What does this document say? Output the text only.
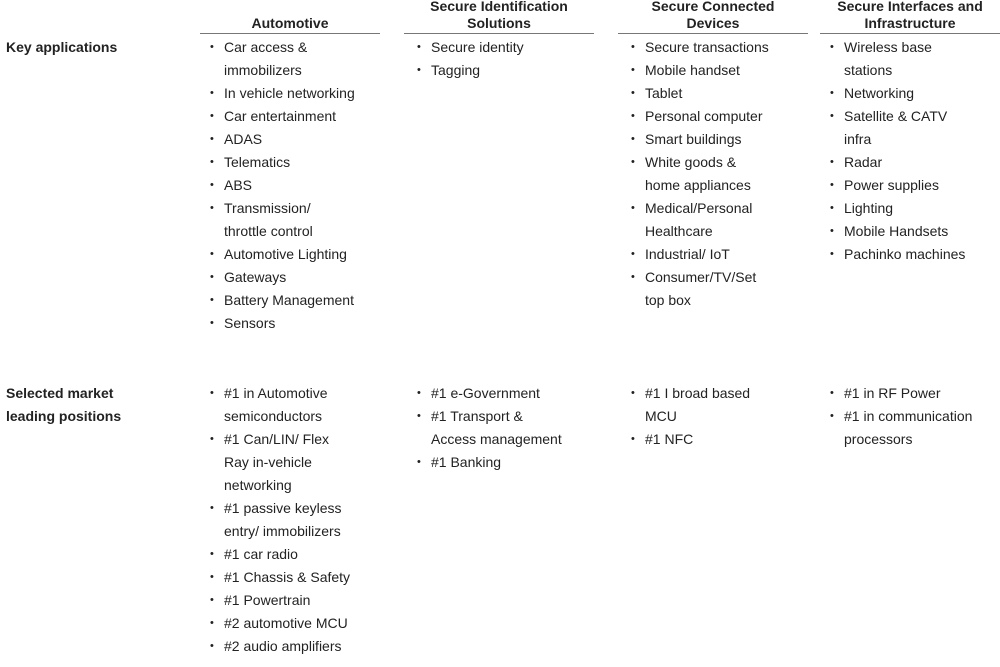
Automotive
Secure Identification
Solutions
Secure Connected
Devices
Secure Interfaces and
Infrastructure
Key applications
•	Car access &
immobilizers
• In vehicle networking
• Car entertainment
• ADAS
• Telematics
• ABS
• Transmission/
throttle control
• Automotive Lighting
• Gateways
• Battery Management
• Sensors
• Secure identity
• Tagging
• Secure transactions
• Mobile handset
• Tablet
• Personal computer
• Smart buildings
• White goods &
home appliances
• Medical/Personal
Healthcare
• Industrial/ IoT
• Consumer/TV/Set
top box
• Wireless base
stations
• Networking
• Satellite & CATV
infra
• Radar
• Power supplies
• Lighting
• Mobile Handsets
• Pachinko machines
Selected market
leading positions
• #1 in Automotive
semiconductors
• #1 Can/LIN/ Flex
Ray in-vehicle
networking
• #1 passive keyless
entry/ immobilizers
• #1 car radio
• #1 Chassis & Safety
• #1 Powertrain
• #2 automotive MCU
• #2 audio amplifiers
• #1 e-Government
• #1 Transport &
Access management
• #1 Banking
• #1 I broad based
MCU
• #1 NFC
• #1 in RF Power
• #1 in communication
processors
